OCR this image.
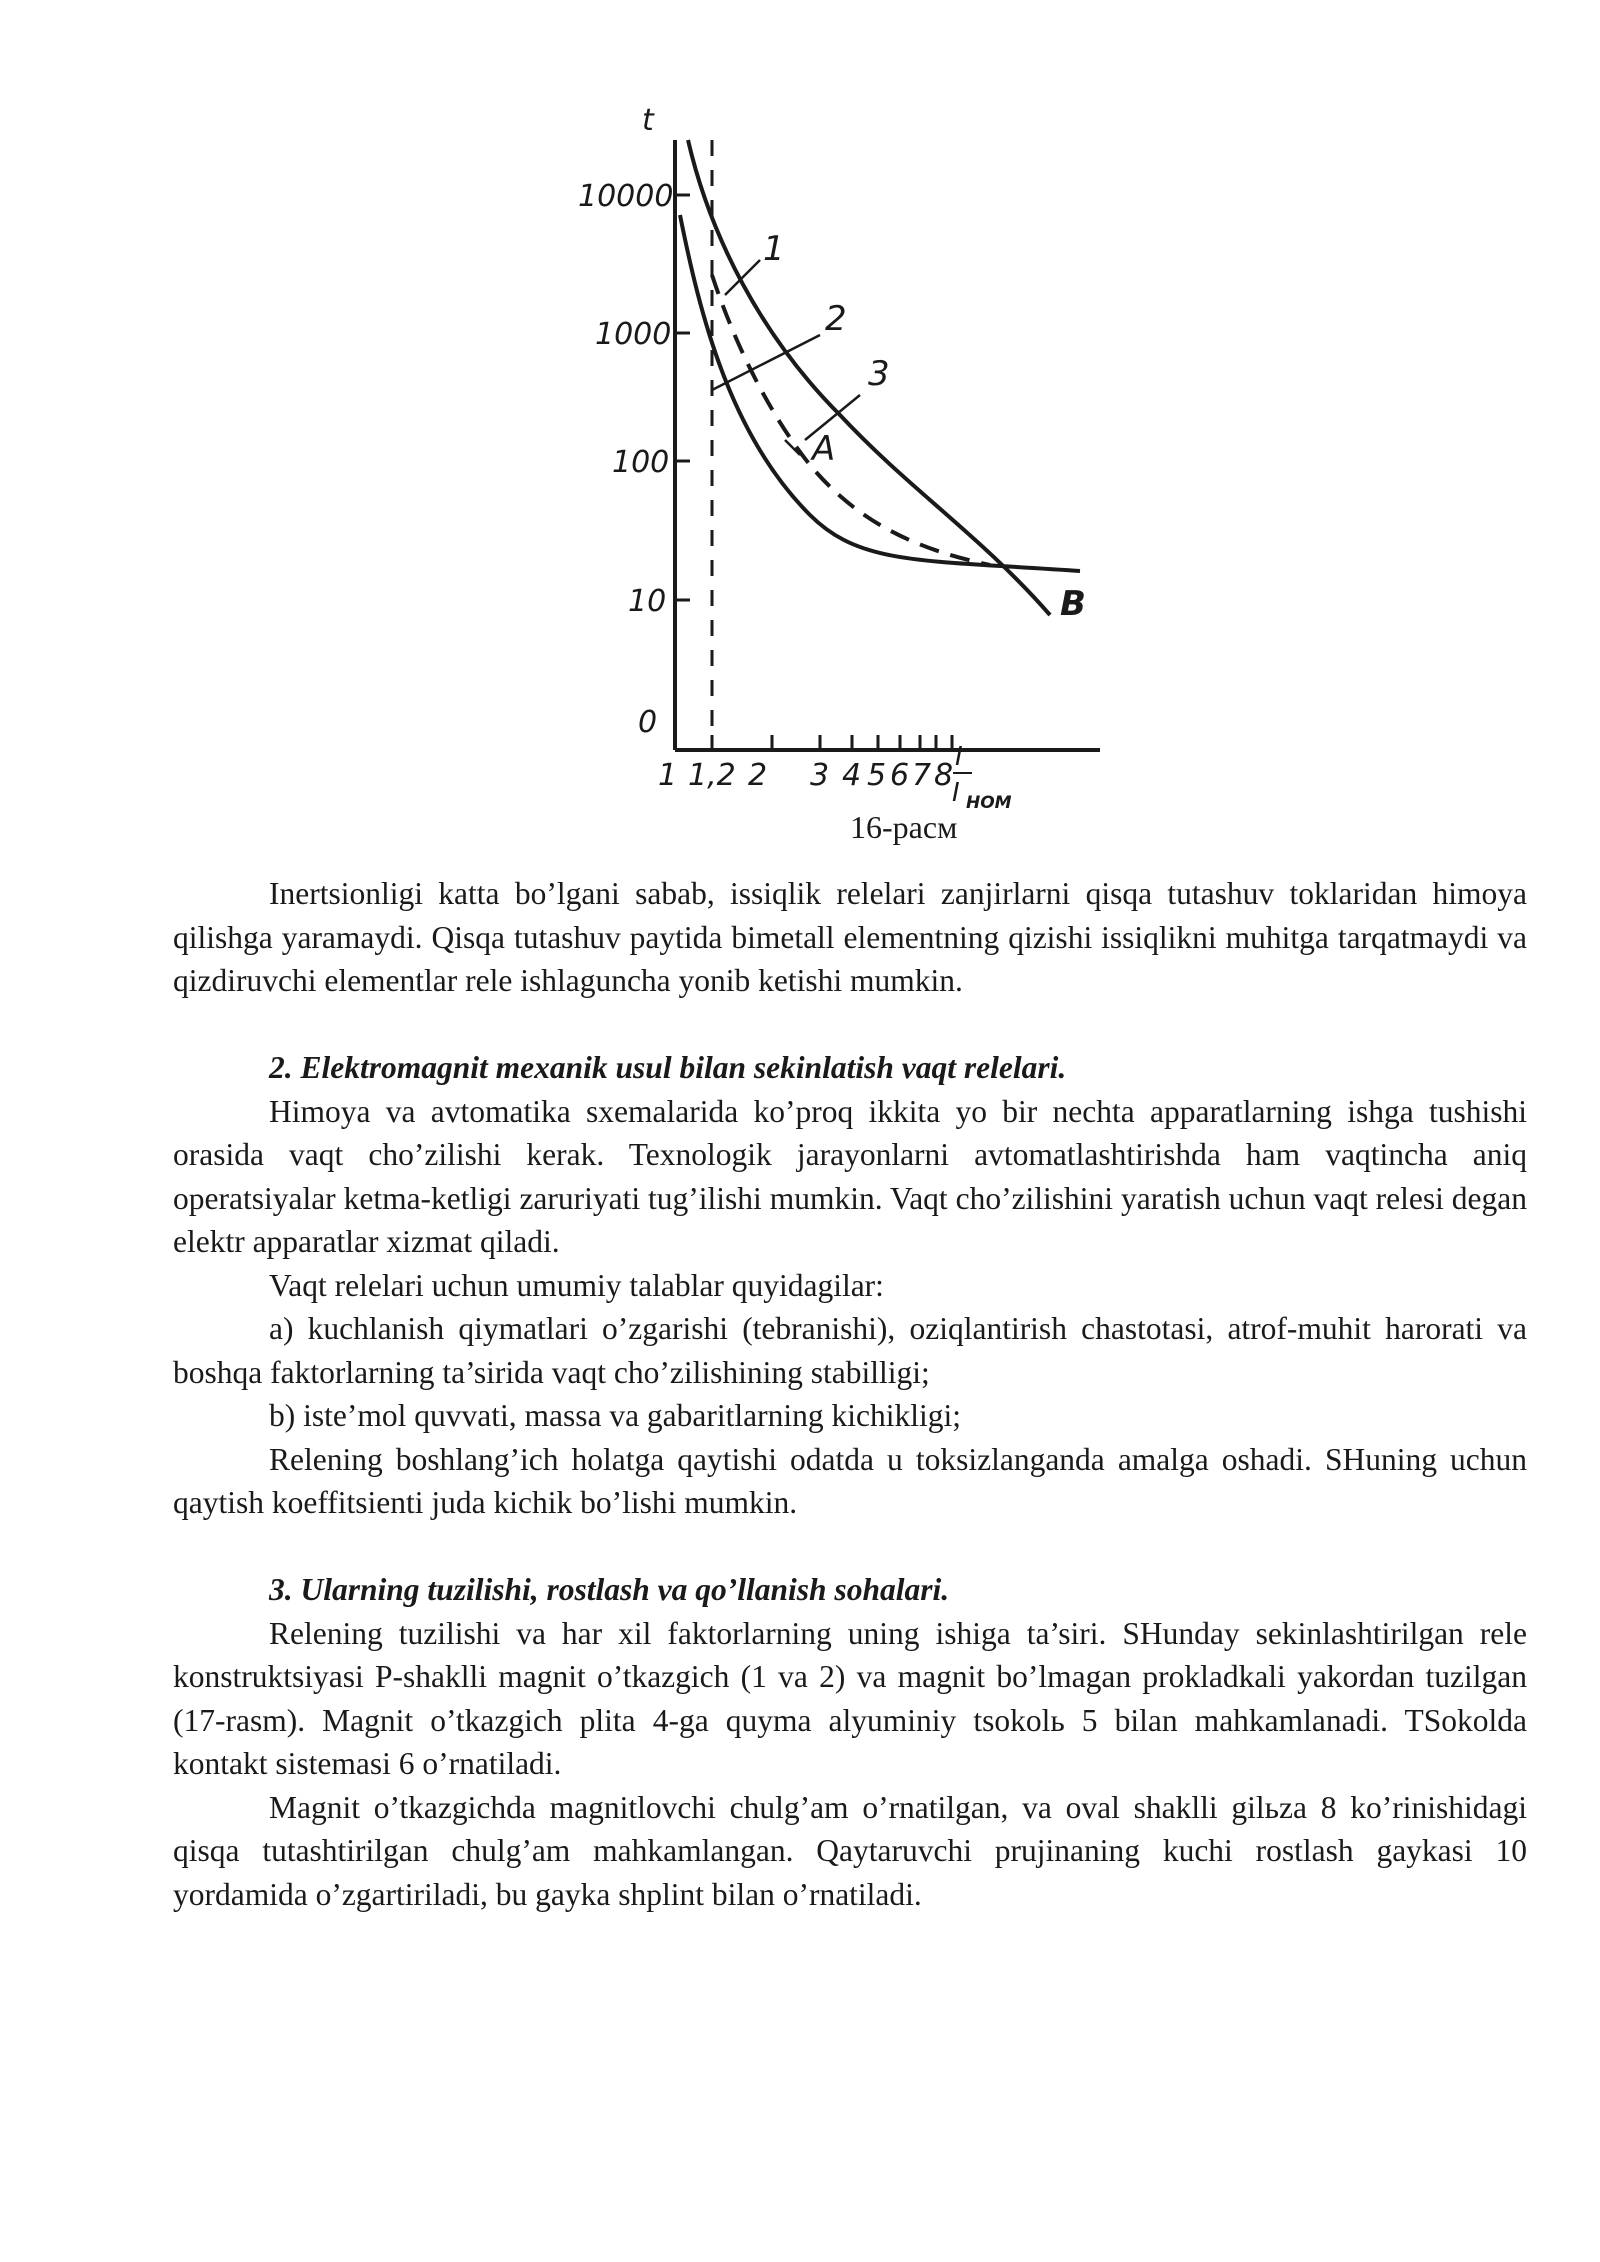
t
10000
1000
100
10
0
1 1,2 2 3 4 5 6 7 8
I
I НОМ
1
2
3
A
B
16-расм

Inertsionligi katta bo’lgani sabab, issiqlik relelari zanjirlarni qisqa tutashuv toklaridan himoya qilishga yaramaydi. Qisqa tutashuv paytida bimetall elementning qizishi issiqlikni muhitga tarqatmaydi va qizdiruvchi elementlar rele ishlaguncha yonib ketishi mumkin.

2. Elektromagnit mexanik usul bilan sekinlatish vaqt relelari.

Himoya va avtomatika sxemalarida ko’proq ikkita yo bir nechta apparatlarning ishga tushishi orasida vaqt cho’zilishi kerak. Texnologik jarayonlarni avtomatlashtirishda ham vaqtincha aniq operatsiyalar ketma-ketligi zaruriyati tug’ilishi mumkin. Vaqt cho’zilishini yaratish uchun vaqt relesi degan elektr apparatlar xizmat qiladi.

Vaqt relelari uchun umumiy talablar quyidagilar:

a) kuchlanish qiymatlari o’zgarishi (tebranishi), oziqlantirish chastotasi, atrof-muhit harorati va boshqa faktorlarning ta’sirida vaqt cho’zilishining stabilligi;

b) iste’mol quvvati, massa va gabaritlarning kichikligi;

Relening boshlang’ich holatga qaytishi odatda u toksizlanganda amalga oshadi. SHuning uchun qaytish koeffitsienti juda kichik bo’lishi mumkin.

3. Ularning tuzilishi, rostlash va qo’llanish sohalari.

Relening tuzilishi va har xil faktorlarning uning ishiga ta’siri. SHunday sekinlashtirilgan rele konstruktsiyasi P-shaklli magnit o’tkazgich (1 va 2) va magnit bo’lmagan prokladkali yakordan tuzilgan (17-rasm). Magnit o’tkazgich plita 4-ga quyma alyuminiy tsokolь 5 bilan mahkamlanadi. TSokolda kontakt sistemasi 6 o’rnatiladi.

Magnit o’tkazgichda magnitlovchi chulg’am o’rnatilgan, va oval shaklli gilьza 8 ko’rinishidagi qisqa tutashtirilgan chulg’am mahkamlangan. Qaytaruvchi prujinaning kuchi rostlash gaykasi 10 yordamida o’zgartiriladi, bu gayka shplint bilan o’rnatiladi.
